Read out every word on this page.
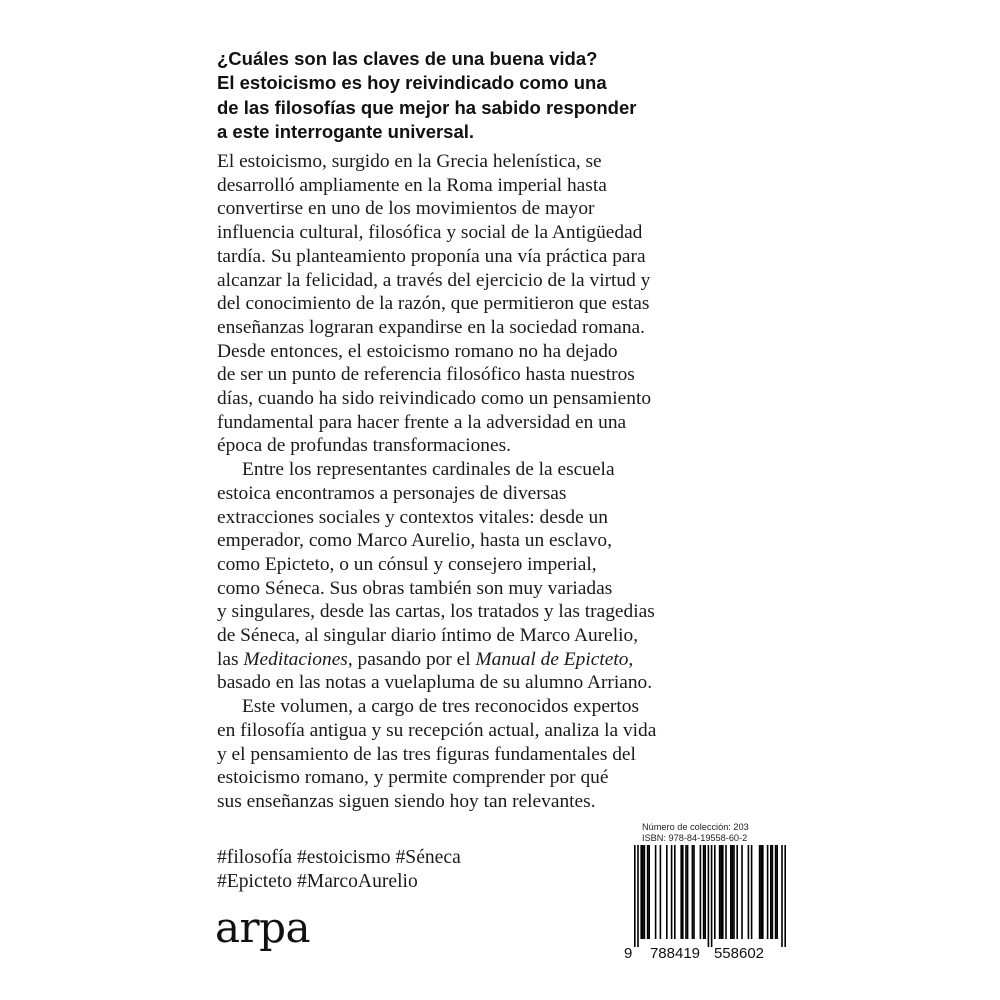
¿Cuáles son las claves de una buena vida?
El estoicismo es hoy reivindicado como una
de las filosofías que mejor ha sabido responder
a este interrogante universal.

El estoicismo, surgido en la Grecia helenística, se
desarrolló ampliamente en la Roma imperial hasta
convertirse en uno de los movimientos de mayor
influencia cultural, filosófica y social de la Antigüedad
tardía. Su planteamiento proponía una vía práctica para
alcanzar la felicidad, a través del ejercicio de la virtud y
del conocimiento de la razón, que permitieron que estas
enseñanzas lograran expandirse en la sociedad romana.
Desde entonces, el estoicismo romano no ha dejado
de ser un punto de referencia filosófico hasta nuestros
días, cuando ha sido reivindicado como un pensamiento
fundamental para hacer frente a la adversidad en una
época de profundas transformaciones.

Entre los representantes cardinales de la escuela
estoica encontramos a personajes de diversas
extracciones sociales y contextos vitales: desde un
emperador, como Marco Aurelio, hasta un esclavo,
como Epicteto, o un cónsul y consejero imperial,
como Séneca. Sus obras también son muy variadas
y singulares, desde las cartas, los tratados y las tragedias
de Séneca, al singular diario íntimo de Marco Aurelio,
las Meditaciones, pasando por el Manual de Epicteto,
basado en las notas a vuelapluma de su alumno Arriano.

Este volumen, a cargo de tres reconocidos expertos
en filosofía antigua y su recepción actual, analiza la vida
y el pensamiento de las tres figuras fundamentales del
estoicismo romano, y permite comprender por qué
sus enseñanzas siguen siendo hoy tan relevantes.

#filosofía #estoicismo #Séneca
#Epicteto #MarcoAurelio
arpa
Número de colección: 203
ISBN: 978-84-19558-60-2
9 788419 558602
